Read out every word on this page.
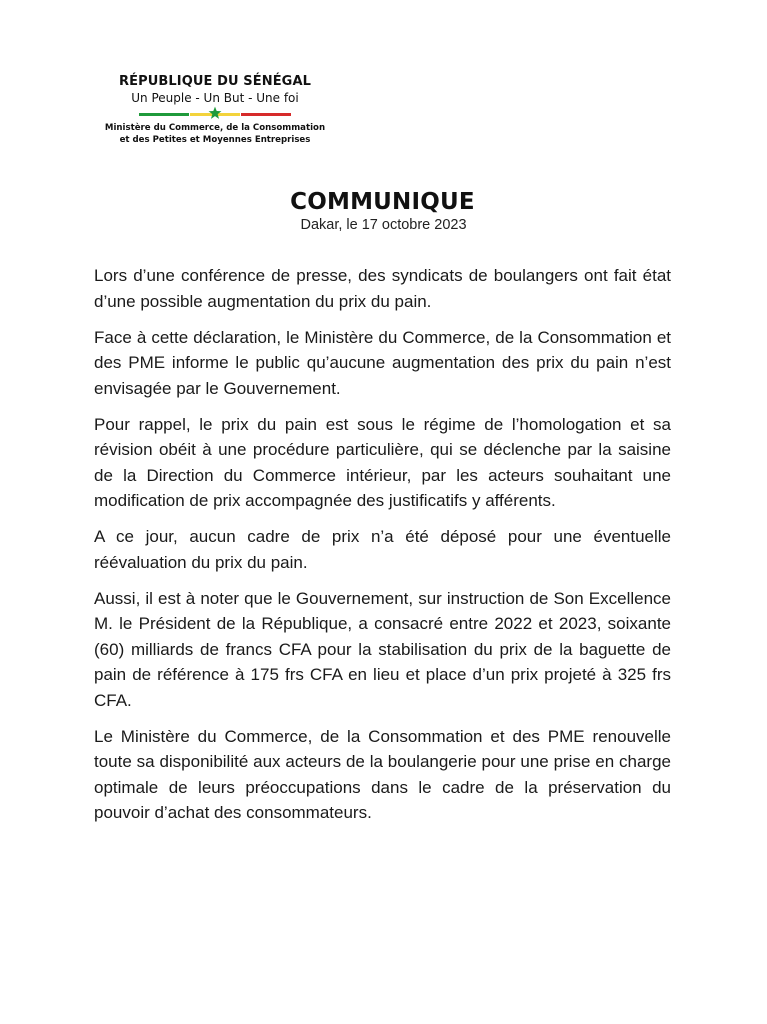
RÉPUBLIQUE DU SÉNÉGAL
Un Peuple - Un But - Une foi
Ministère du Commerce, de la Consommation
et des Petites et Moyennes Entreprises
COMMUNIQUE
Dakar, le 17 octobre 2023

Lors d’une conférence de presse, des syndicats de boulangers ont fait état d’une possible augmentation du prix du pain.

Face à cette déclaration, le Ministère du Commerce, de la Consommation et des PME informe le public qu’aucune augmentation des prix du pain n’est envisagée par le Gouvernement.

Pour rappel, le prix du pain est sous le régime de l’homologation et sa révision obéit à une procédure particulière, qui se déclenche par la saisine de la Direction du Commerce intérieur, par les acteurs souhaitant une modification de prix accompagnée des justificatifs y afférents.

A ce jour, aucun cadre de prix n’a été déposé pour une éventuelle réévaluation du prix du pain.

Aussi, il est à noter que le Gouvernement, sur instruction de Son Excellence M. le Président de la République, a consacré entre 2022 et 2023, soixante (60) milliards de francs CFA pour la stabilisation du prix de la baguette de pain de référence à 175 frs CFA en lieu et place d’un prix projeté à 325 frs CFA.

Le Ministère du Commerce, de la Consommation et des PME renouvelle toute sa disponibilité aux acteurs de la boulangerie pour une prise en charge optimale de leurs préoccupations dans le cadre de la préservation du pouvoir d’achat des consommateurs.
